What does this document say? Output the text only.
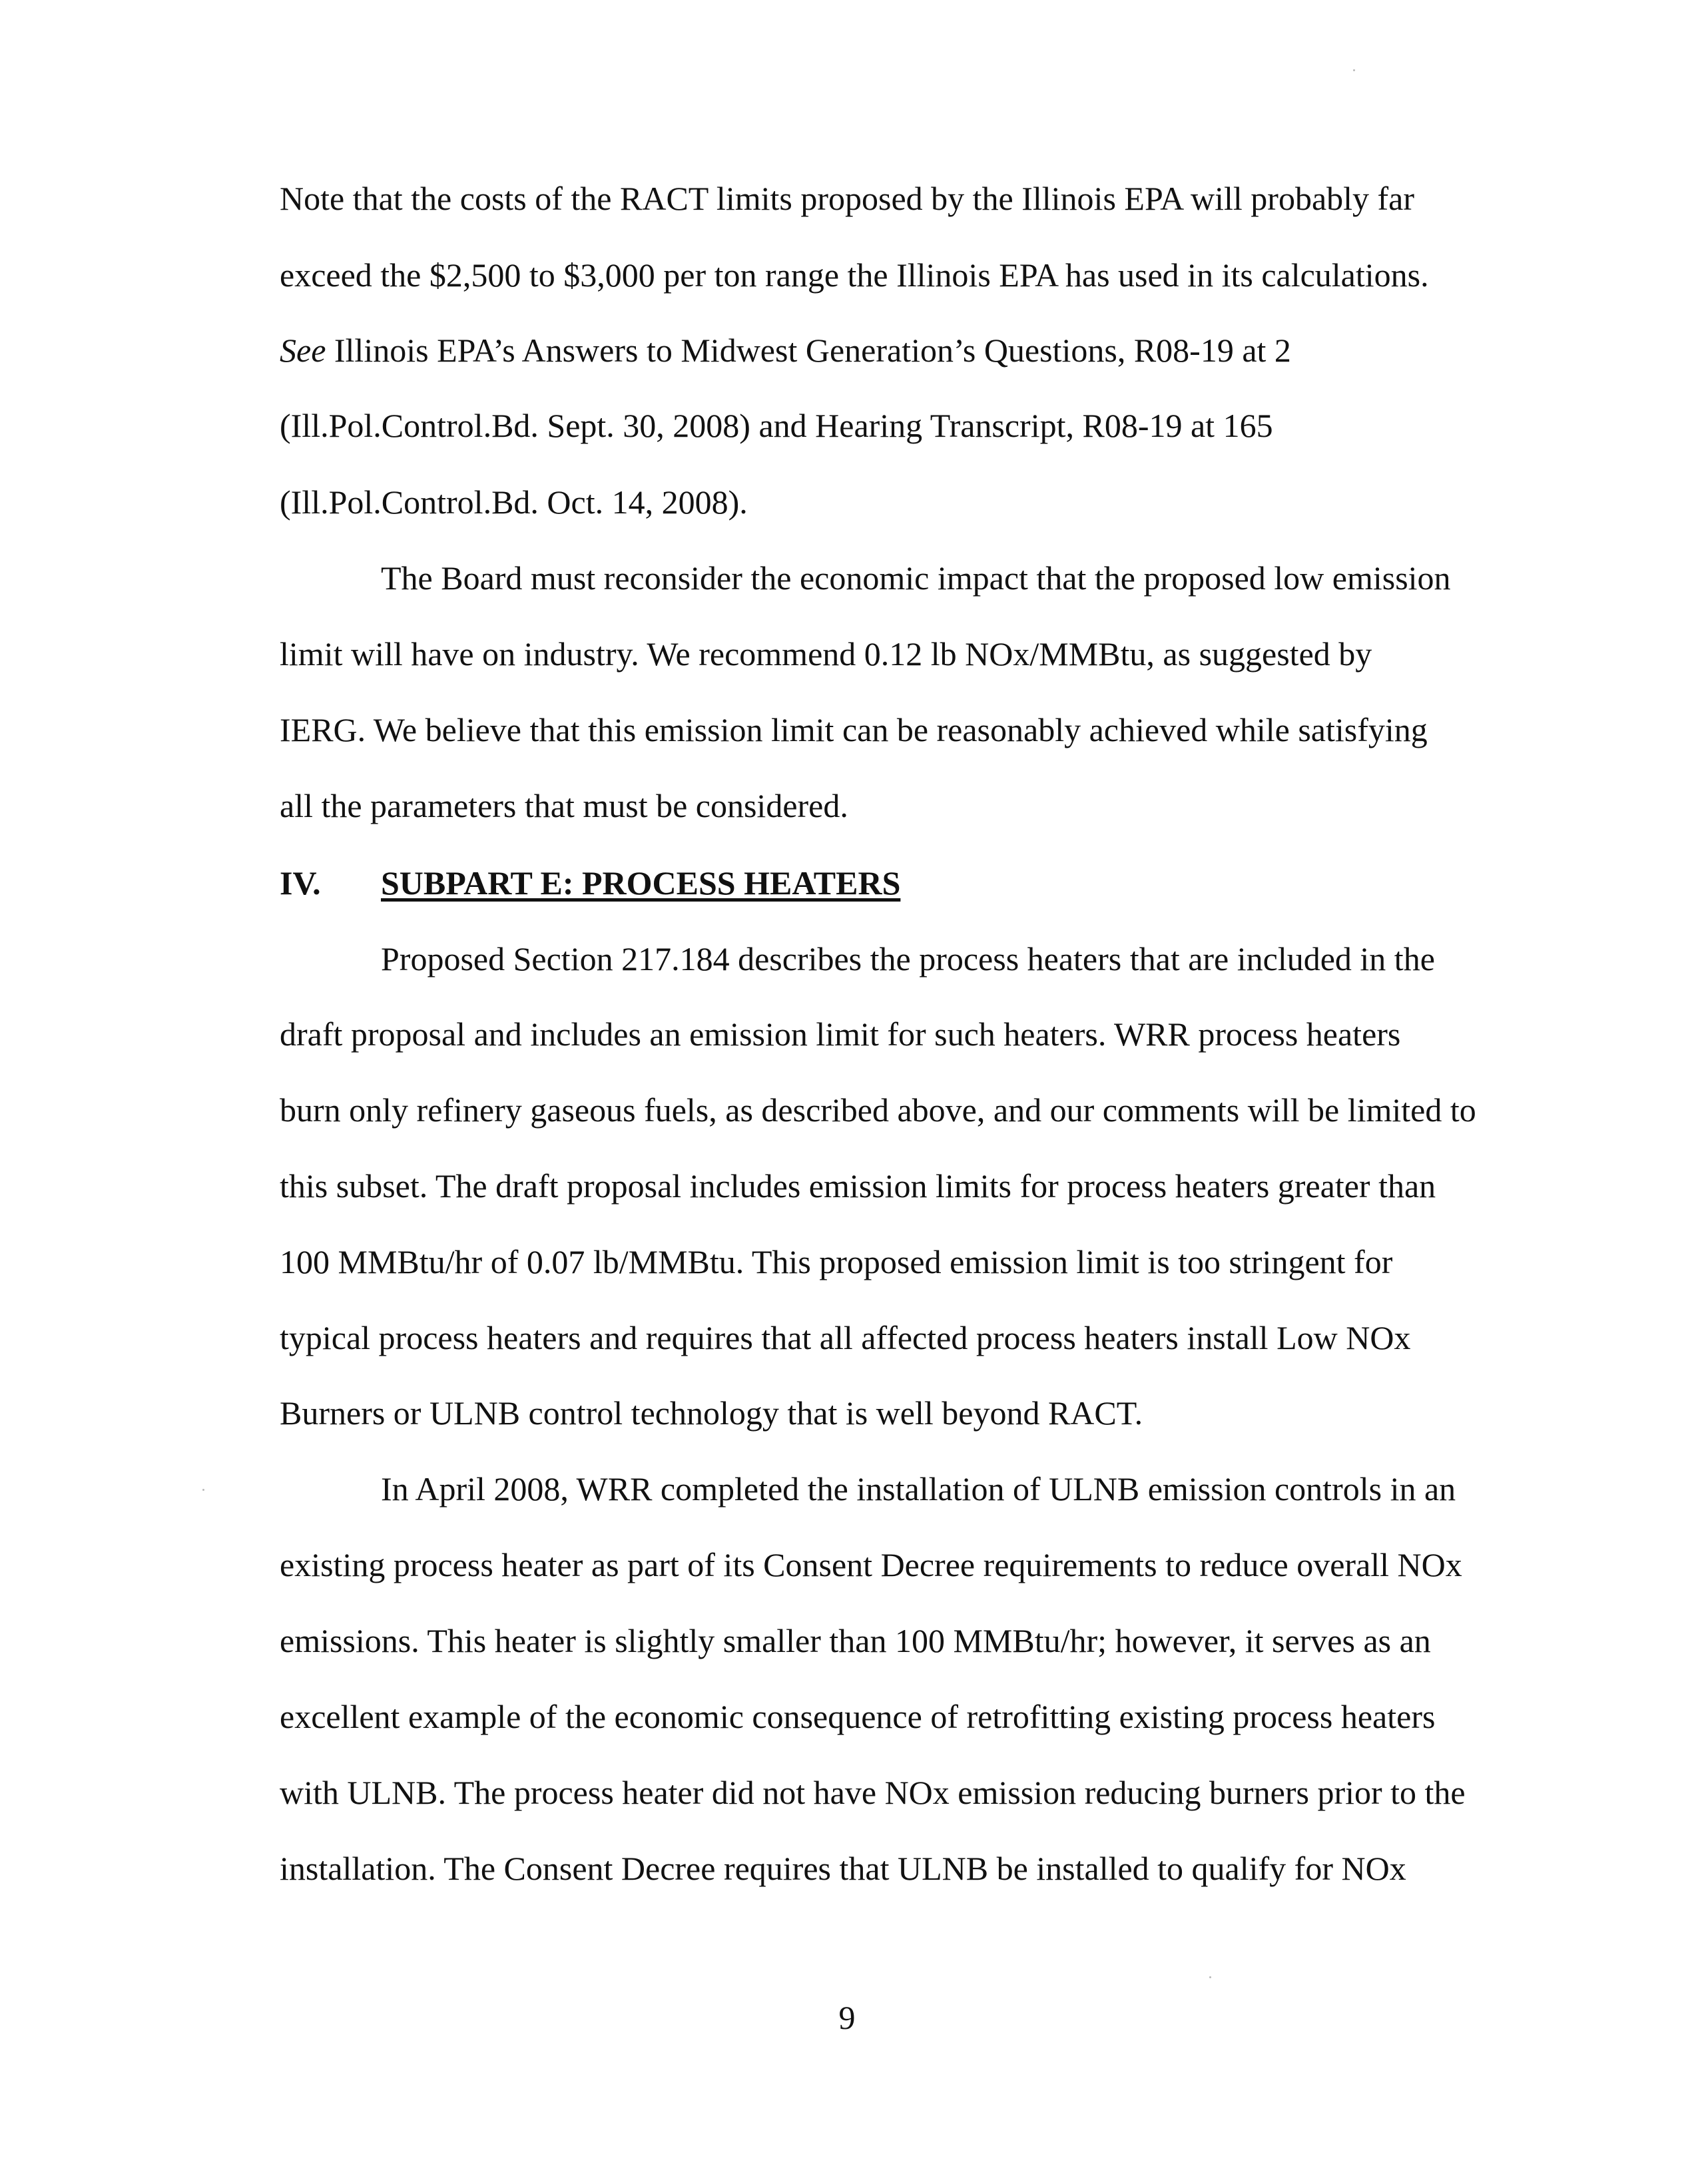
Note that the costs of the RACT limits proposed by the Illinois EPA will probably far

exceed the $2,500 to $3,000 per ton range the Illinois EPA has used in its calculations.

See Illinois EPA’s Answers to Midwest Generation’s Questions, R08-19 at 2

(Ill.Pol.Control.Bd. Sept. 30, 2008) and Hearing Transcript, R08-19 at 165

(Ill.Pol.Control.Bd. Oct. 14, 2008).

The Board must reconsider the economic impact that the proposed low emission

limit will have on industry. We recommend 0.12 lb NOx/MMBtu, as suggested by

IERG. We believe that this emission limit can be reasonably achieved while satisfying

all the parameters that must be considered.

IV. SUBPART E: PROCESS HEATERS

Proposed Section 217.184 describes the process heaters that are included in the

draft proposal and includes an emission limit for such heaters. WRR process heaters

burn only refinery gaseous fuels, as described above, and our comments will be limited to

this subset. The draft proposal includes emission limits for process heaters greater than

100 MMBtu/hr of 0.07 lb/MMBtu. This proposed emission limit is too stringent for

typical process heaters and requires that all affected process heaters install Low NOx

Burners or ULNB control technology that is well beyond RACT.

In April 2008, WRR completed the installation of ULNB emission controls in an

existing process heater as part of its Consent Decree requirements to reduce overall NOx

emissions. This heater is slightly smaller than 100 MMBtu/hr; however, it serves as an

excellent example of the economic consequence of retrofitting existing process heaters

with ULNB. The process heater did not have NOx emission reducing burners prior to the

installation. The Consent Decree requires that ULNB be installed to qualify for NOx

9
